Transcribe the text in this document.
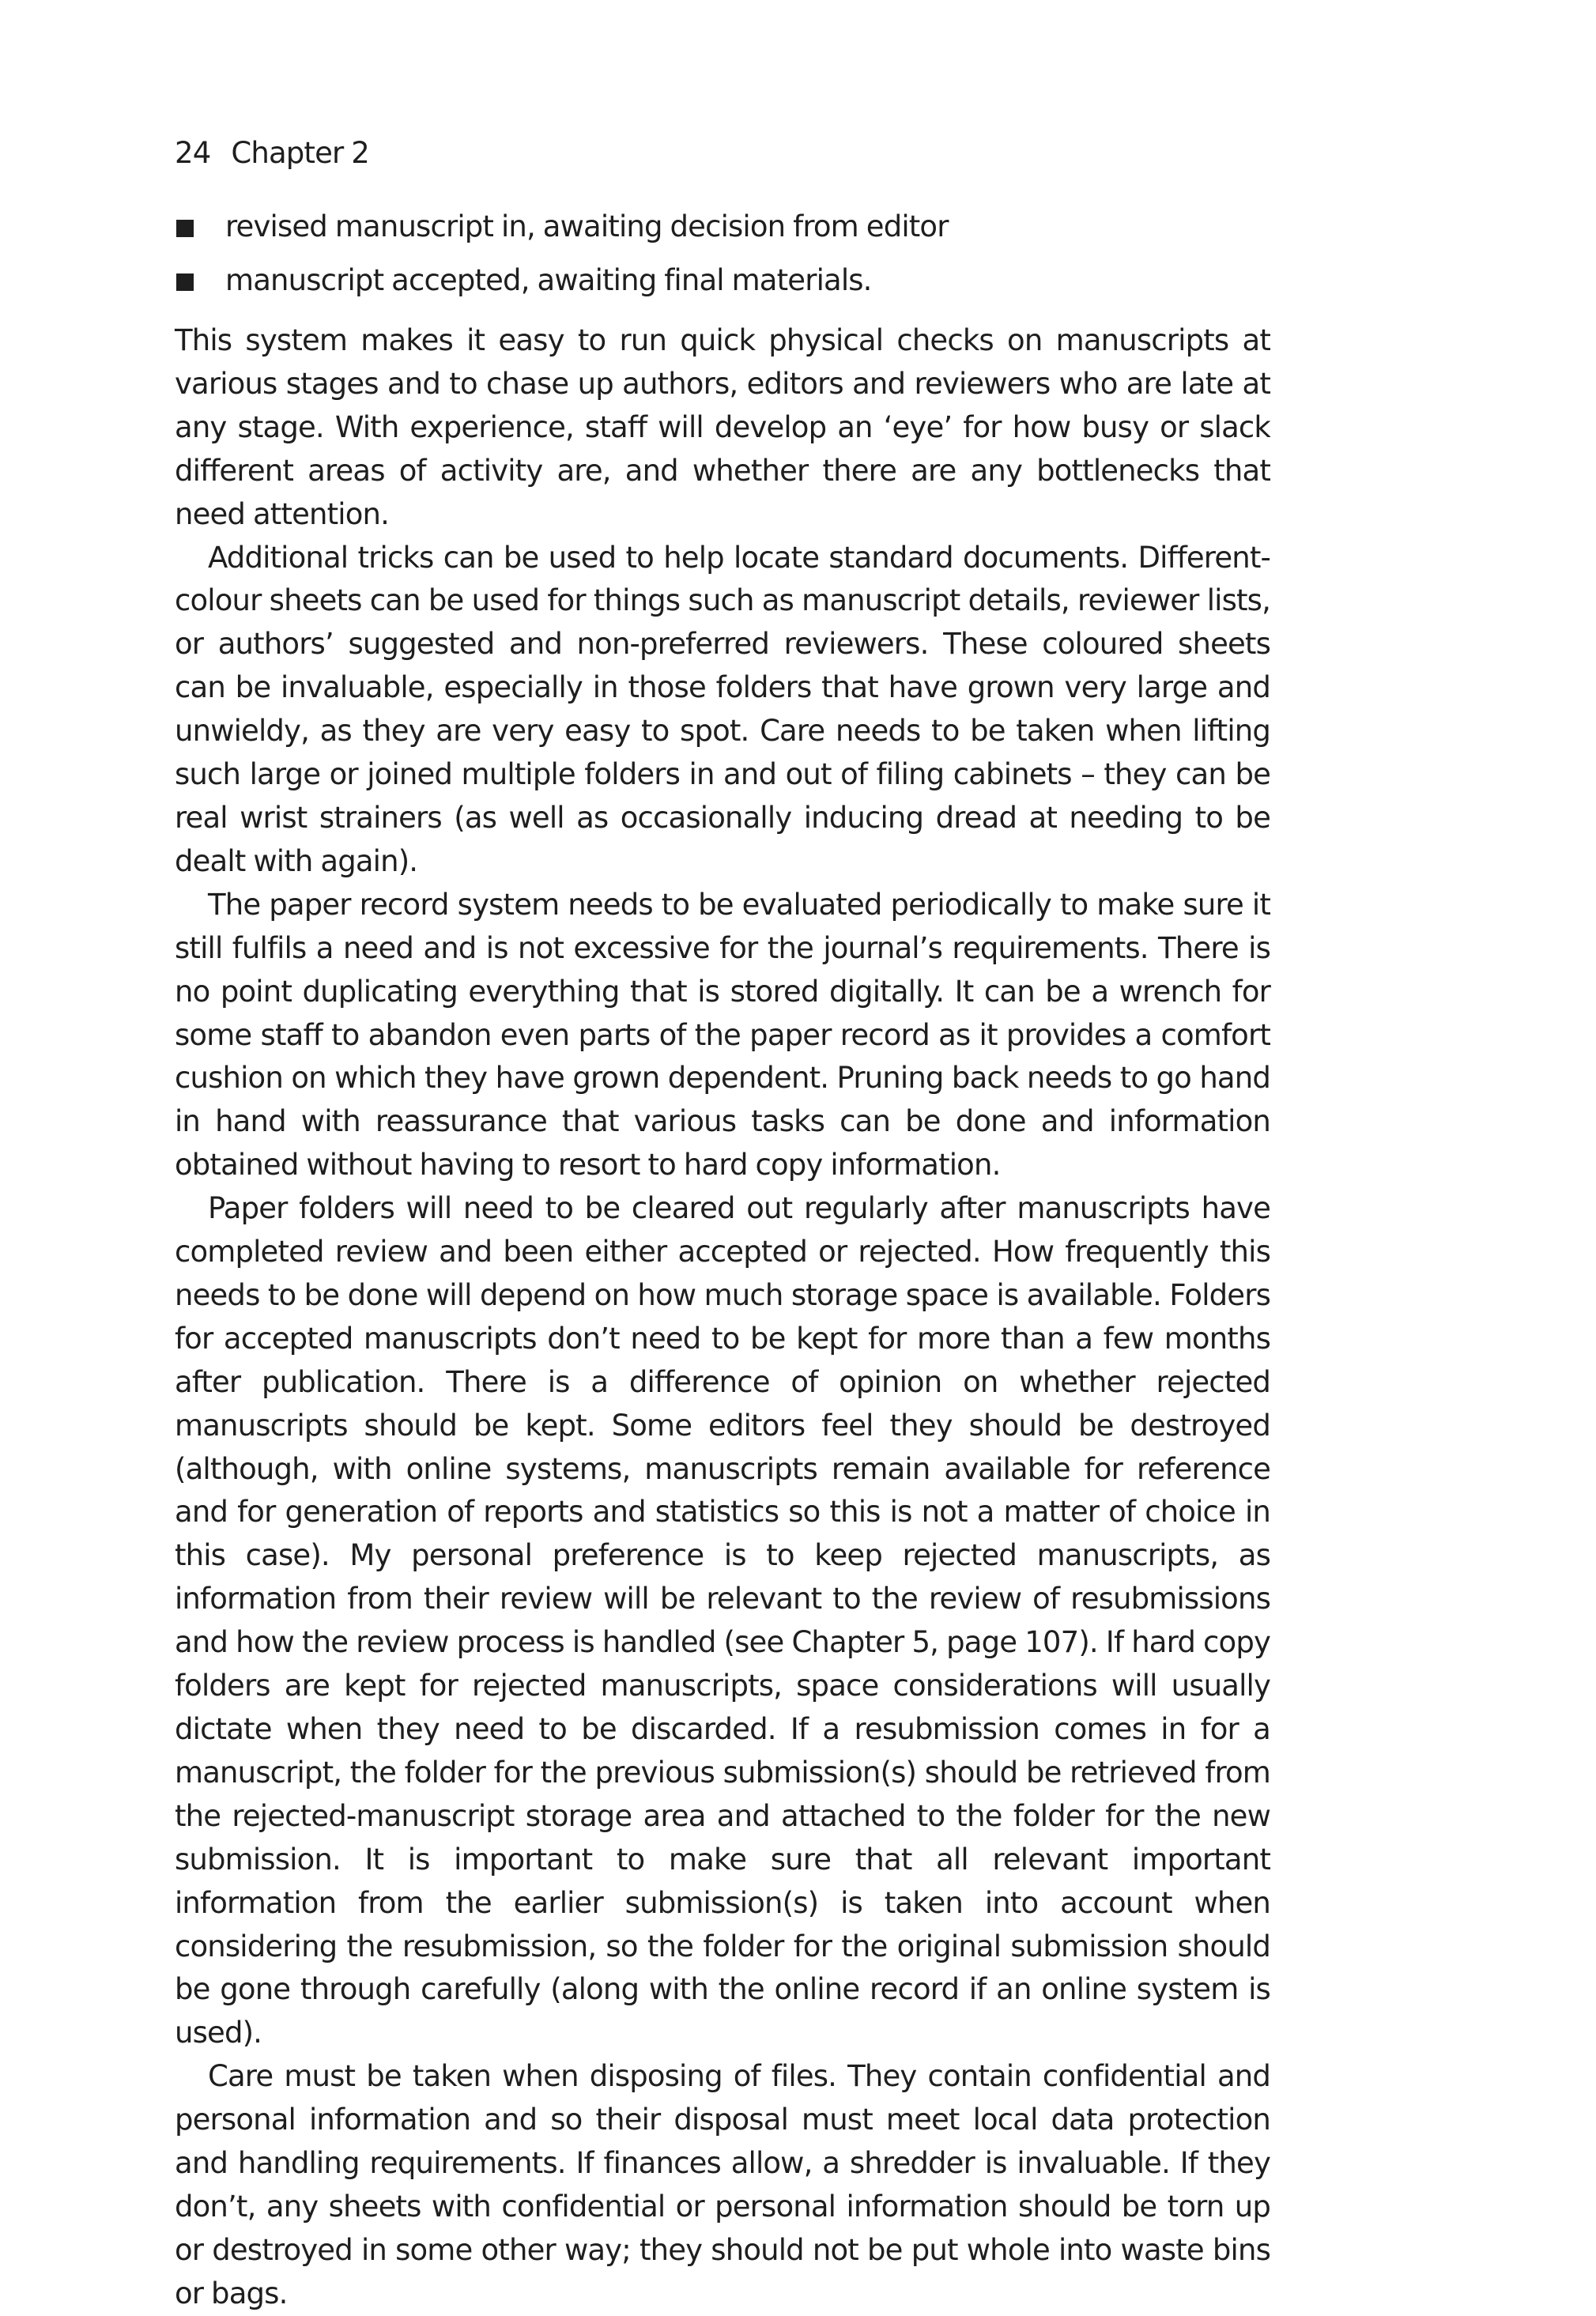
24 Chapter 2
revised manuscript in, awaiting decision from editor
manuscript accepted, awaiting final materials.

This system makes it easy to run quick physical checks on manuscripts at various stages and to chase up authors, editors and reviewers who are late at any stage. With experience, staff will develop an ‘eye’ for how busy or slack different areas of activity are, and whether there are any bottlenecks that need attention.

Additional tricks can be used to help locate standard documents. Different-colour sheets can be used for things such as manuscript details, reviewer lists, or authors’ suggested and non-preferred reviewers. These coloured sheets can be invaluable, especially in those folders that have grown very large and unwieldy, as they are very easy to spot. Care needs to be taken when lifting such large or joined multiple folders in and out of filing cabinets – they can be real wrist strainers (as well as occasionally inducing dread at needing to be dealt with again).

The paper record system needs to be evaluated periodically to make sure it still fulfils a need and is not excessive for the journal’s requirements. There is no point duplicating everything that is stored digitally. It can be a wrench for some staff to abandon even parts of the paper record as it provides a comfort cushion on which they have grown dependent. Pruning back needs to go hand in hand with reassurance that various tasks can be done and information obtained without having to resort to hard copy information.

Paper folders will need to be cleared out regularly after manuscripts have completed review and been either accepted or rejected. How frequently this needs to be done will depend on how much storage space is available. Folders for accepted manuscripts don’t need to be kept for more than a few months after publication. There is a difference of opinion on whether rejected manuscripts should be kept. Some editors feel they should be destroyed (although, with online systems, manuscripts remain available for reference and for generation of reports and statistics so this is not a matter of choice in this case). My personal preference is to keep rejected manuscripts, as information from their review will be relevant to the review of resubmissions and how the review process is handled (see Chapter 5, page 107). If hard copy folders are kept for rejected manuscripts, space considerations will usually dictate when they need to be discarded. If a resubmission comes in for a manuscript, the folder for the previous submission(s) should be retrieved from the rejected-manuscript storage area and attached to the folder for the new submission. It is important to make sure that all relevant important information from the earlier submission(s) is taken into account when considering the resubmission, so the folder for the original submission should be gone through carefully (along with the online record if an online system is used).

Care must be taken when disposing of files. They contain confidential and personal information and so their disposal must meet local data protection and handling requirements. If finances allow, a shredder is invaluable. If they don’t, any sheets with confidential or personal information should be torn up or destroyed in some other way; they should not be put whole into waste bins or bags.
